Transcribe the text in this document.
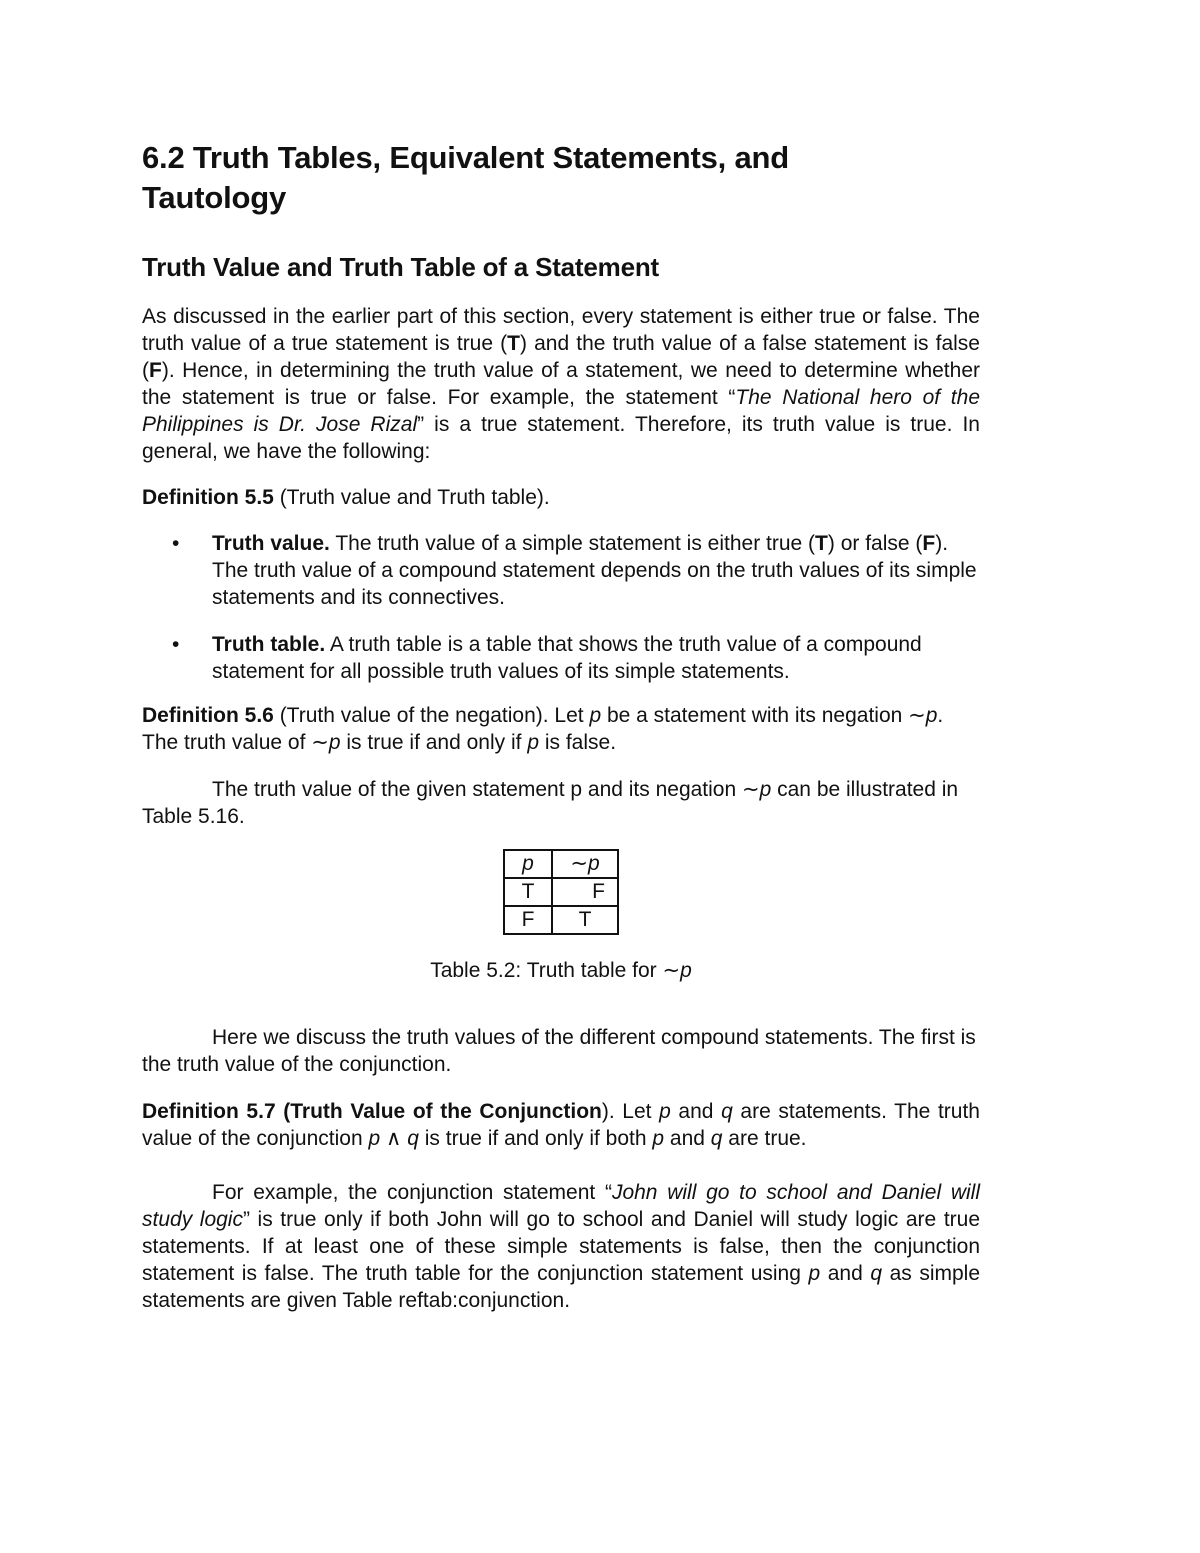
6.2 Truth Tables, Equivalent Statements, and
Tautology
Truth Value and Truth Table of a Statement

As discussed in the earlier part of this section, every statement is either true or false. The truth value of a true statement is true (T) and the truth value of a false statement is false (F). Hence, in determining the truth value of a statement, we need to determine whether the statement is true or false. For example, the statement “The National hero of the Philippines is Dr. Jose Rizal” is a true statement. Therefore, its truth value is true. In general, we have the following:

Definition 5.5 (Truth value and Truth table).

• Truth value. The truth value of a simple statement is either true (T) or false (F). The truth value of a compound statement depends on the truth values of its simple statements and its connectives.

• Truth table. A truth table is a table that shows the truth value of a compound statement for all possible truth values of its simple statements.

Definition 5.6 (Truth value of the negation). Let p be a statement with its negation ∼p. The truth value of ∼p is true if and only if p is false.

The truth value of the given statement p and its negation ∼p can be illustrated in Table 5.16.

p	∼p
T	F
F	T

Table 5.2: Truth table for ∼p

Here we discuss the truth values of the different compound statements. The first is the truth value of the conjunction.

Definition 5.7 (Truth Value of the Conjunction). Let p and q are statements. The truth value of the conjunction p ∧ q is true if and only if both p and q are true.

For example, the conjunction statement “John will go to school and Daniel will study logic” is true only if both John will go to school and Daniel will study logic are true statements. If at least one of these simple statements is false, then the conjunction statement is false. The truth table for the conjunction statement using p and q as simple statements are given Table reftab:conjunction.
